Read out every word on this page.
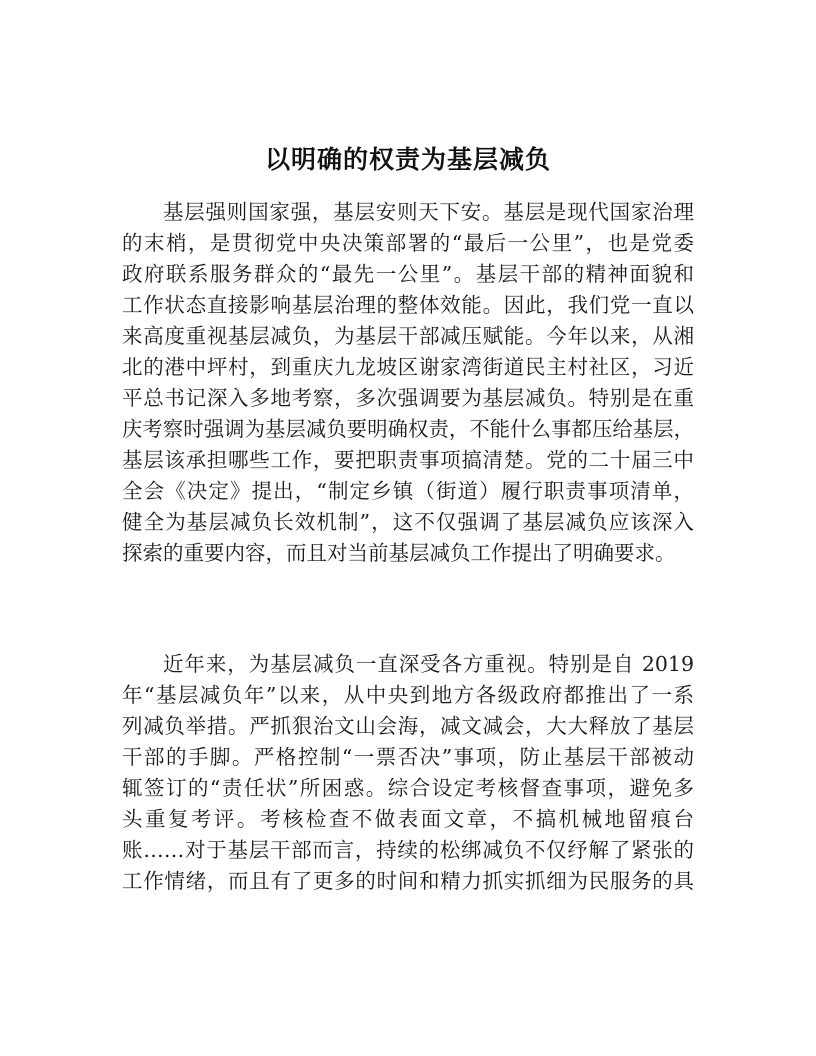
以明确的权责为基层减负
基层强则国家强，基层安则天下安。基层是现代国家治理
的末梢，是贯彻党中央决策部署的“最后一公里”，也是党委
政府联系服务群众的“最先一公里”。基层干部的精神面貌和
工作状态直接影响基层治理的整体效能。因此，我们党一直以
来高度重视基层减负，为基层干部减压赋能。今年以来，从湘
北的港中坪村，到重庆九龙坡区谢家湾街道民主村社区，习近
平总书记深入多地考察，多次强调要为基层减负。特别是在重
庆考察时强调为基层减负要明确权责，不能什么事都压给基层，
基层该承担哪些工作，要把职责事项搞清楚。党的二十届三中
全会《决定》提出，“制定乡镇（街道）履行职责事项清单，
健全为基层减负长效机制”，这不仅强调了基层减负应该深入
探索的重要内容，而且对当前基层减负工作提出了明确要求。
近年来，为基层减负一直深受各方重视。特别是自 2019
年“基层减负年”以来，从中央到地方各级政府都推出了一系
列减负举措。严抓狠治文山会海，减文减会，大大释放了基层
干部的手脚。严格控制“一票否决”事项，防止基层干部被动
辄签订的“责任状”所困惑。综合设定考核督查事项，避免多
头重复考评。考核检查不做表面文章，不搞机械地留痕台
账……对于基层干部而言，持续的松绑减负不仅纾解了紧张的
工作情绪，而且有了更多的时间和精力抓实抓细为民服务的具
